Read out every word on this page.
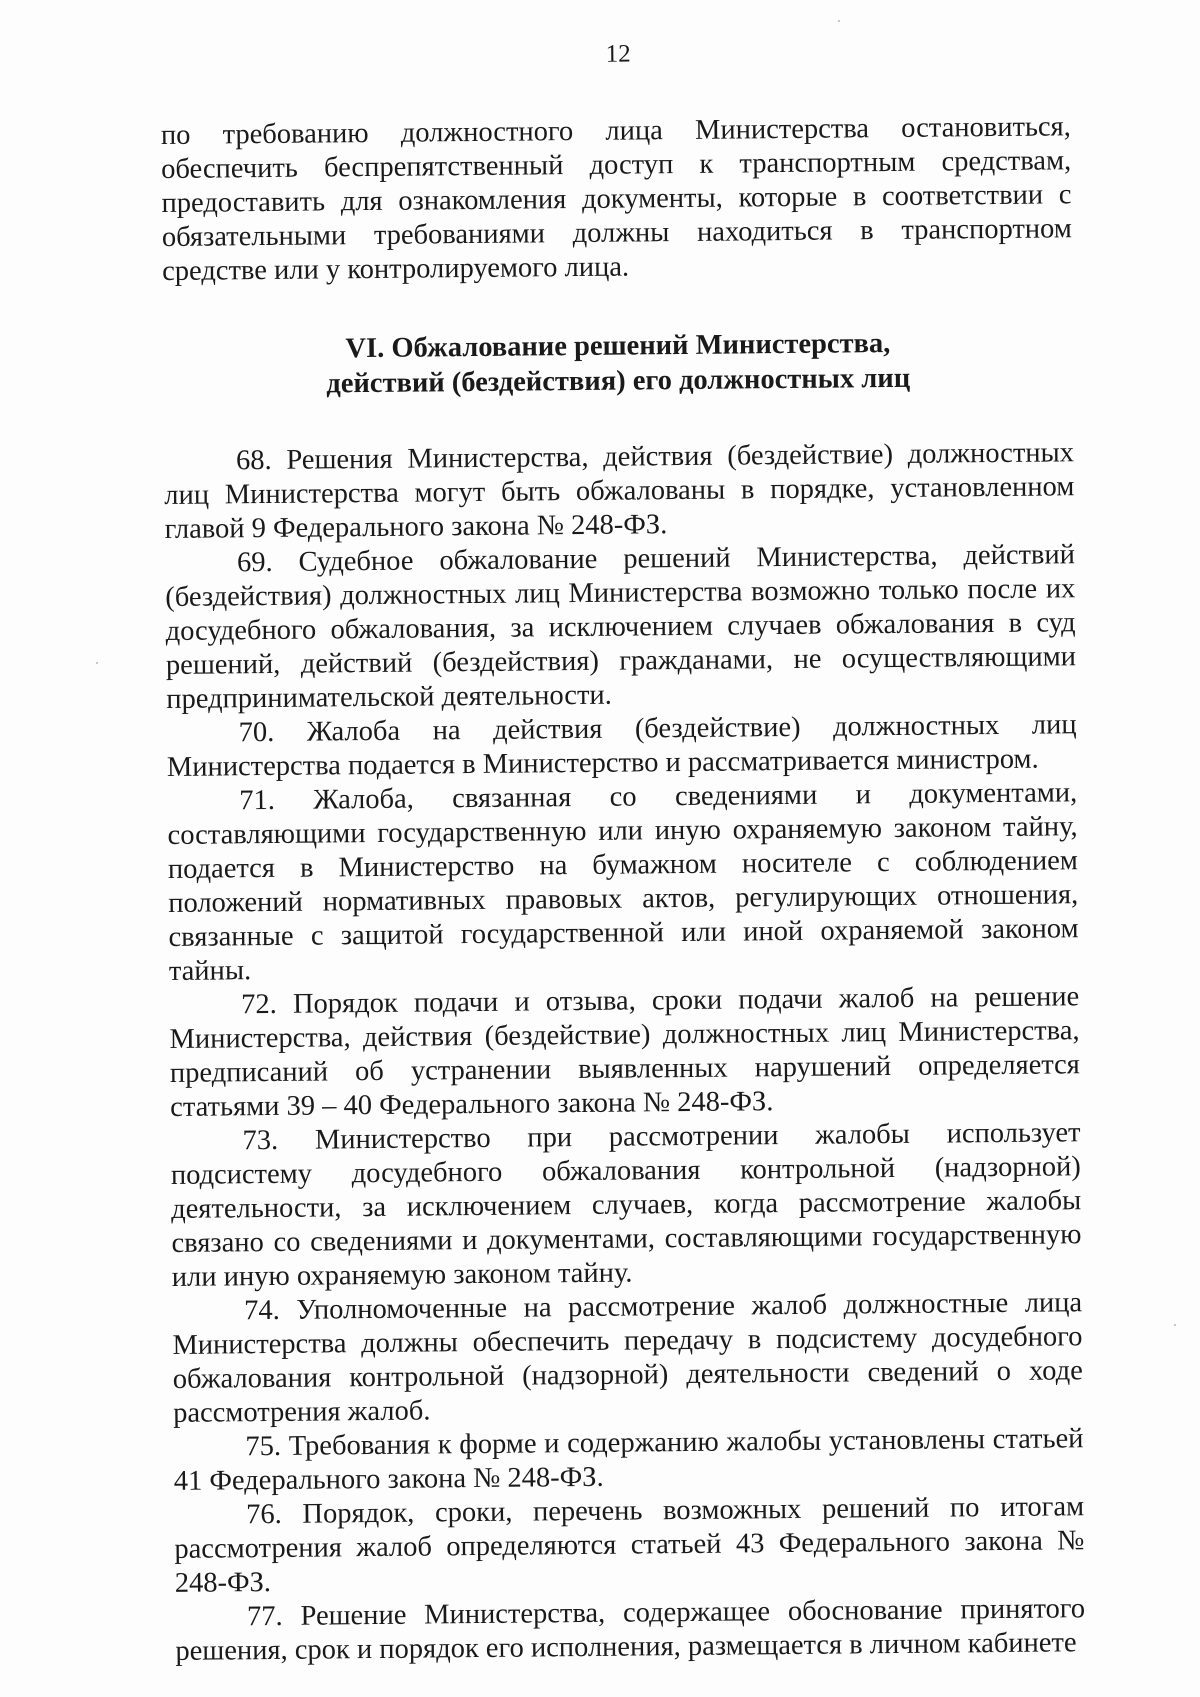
12

по требованию должностного лица Министерства остановиться, обеспечить беспрепятственный доступ к транспортным средствам, предоставить для ознакомления документы, которые в соответствии с обязательными требованиями должны находиться в транспортном средстве или у контролируемого лица.

VI. Обжалование решений Министерства,
действий (бездействия) его должностных лиц

68. Решения Министерства, действия (бездействие) должностных лиц Министерства могут быть обжалованы в порядке, установленном главой 9 Федерального закона № 248-ФЗ.

69. Судебное обжалование решений Министерства, действий (бездействия) должностных лиц Министерства возможно только после их досудебного обжалования, за исключением случаев обжалования в суд решений, действий (бездействия) гражданами, не осуществляющими предпринимательской деятельности.

70. Жалоба на действия (бездействие) должностных лиц Министерства подается в Министерство и рассматривается министром.

71. Жалоба, связанная со сведениями и документами, составляющими государственную или иную охраняемую законом тайну, подается в Министерство на бумажном носителе с соблюдением положений нормативных правовых актов, регулирующих отношения, связанные с защитой государственной или иной охраняемой законом тайны.

72. Порядок подачи и отзыва, сроки подачи жалоб на решение Министерства, действия (бездействие) должностных лиц Министерства, предписаний об устранении выявленных нарушений определяется статьями 39 – 40 Федерального закона № 248-ФЗ.

73. Министерство при рассмотрении жалобы использует подсистему досудебного обжалования контрольной (надзорной) деятельности, за исключением случаев, когда рассмотрение жалобы связано со сведениями и документами, составляющими государственную или иную охраняемую законом тайну.

74. Уполномоченные на рассмотрение жалоб должностные лица Министерства должны обеспечить передачу в подсистему досудебного обжалования контрольной (надзорной) деятельности сведений о ходе рассмотрения жалоб.

75. Требования к форме и содержанию жалобы установлены статьей 41 Федерального закона № 248-ФЗ.

76. Порядок, сроки, перечень возможных решений по итогам рассмотрения жалоб определяются статьей 43 Федерального закона № 248-ФЗ.

77. Решение Министерства, содержащее обоснование принятого решения, срок и порядок его исполнения, размещается в личном кабинете
